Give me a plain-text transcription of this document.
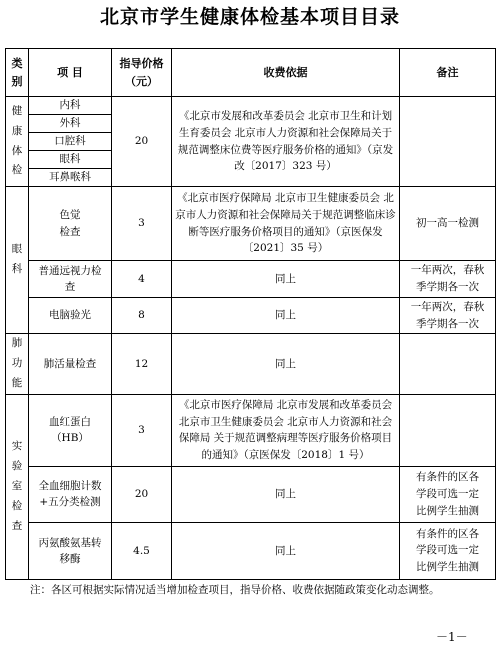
北京市学生健康体检基本项目目录
类
别	项 目	指导价格
（元）	收费依据	备注
健
康
体
检	内科	20	《北京市发展和改革委员会 北京市卫生和计划生育委员会 北京市人力资源和社会保障局关于规范调整床位费等医疗服务价格的通知》（京发改〔2017〕323 号）	
	外科			
	口腔科			
	眼科			
	耳鼻喉科			
眼
科	色觉
检查	3	《北京市医疗保障局 北京市卫生健康委员会 北京市人力资源和社会保障局关于规范调整临床诊断等医疗服务价格项目的通知》（京医保发〔2021〕35 号）	初一高一检测
	普通远视力检
查	4	同上	一年两次，春秋
季学期各一次
	电脑验光	8	同上	一年两次，春秋
季学期各一次
肺
功
能	肺活量检查	12	同上	
实
验
室
检
查	血红蛋白
（HB）	3	《北京市医疗保障局 北京市发展和改革委员会 北京市卫生健康委员会 北京市人力资源和社会保障局 关于规范调整病理等医疗服务价格项目的通知》（京医保发〔2018〕1 号）	
	全血细胞计数
+五分类检测	20	同上	有条件的区各
学段可选一定
比例学生抽测
	丙氨酸氨基转
移酶	4.5	同上	有条件的区各
学段可选一定
比例学生抽测
注：各区可根据实际情况适当增加检查项目，指导价格、收费依据随政策变化动态调整。
－1－
